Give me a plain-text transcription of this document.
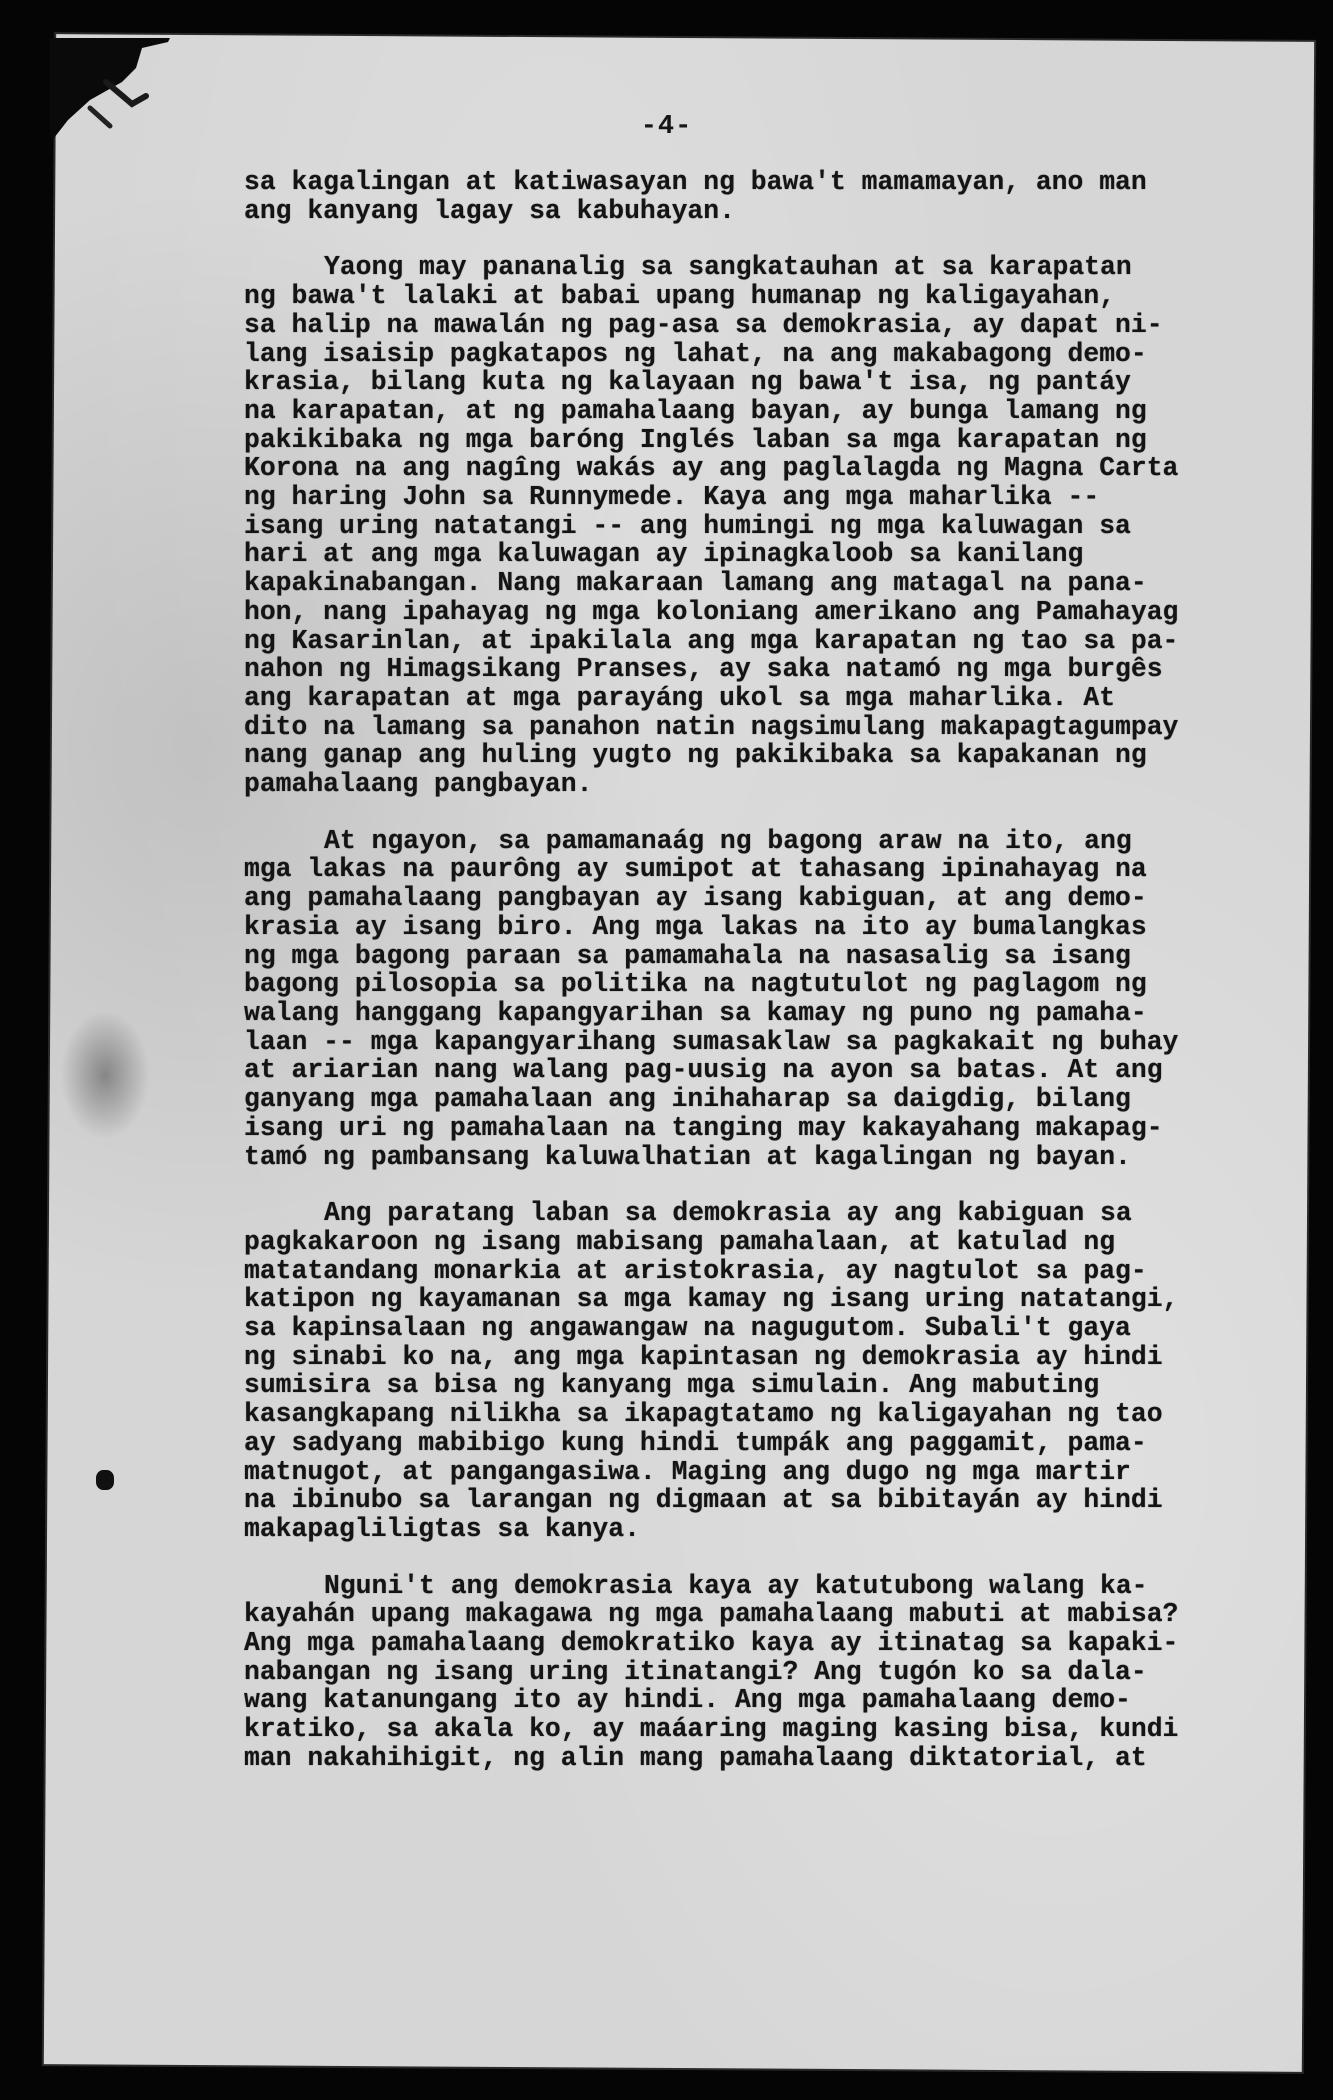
-4-
sa kagalingan at katiwasayan ng bawa't mamamayan, ano man
ang kanyang lagay sa kabuhayan.
Yaong may pananalig sa sangkatauhan at sa karapatan
ng bawa't lalaki at babai upang humanap ng kaligayahan,
sa halip na mawalán ng pag-asa sa demokrasia, ay dapat ni-
lang isaisip pagkatapos ng lahat, na ang makabagong demo-
krasia, bilang kuta ng kalayaan ng bawa't isa, ng pantáy
na karapatan, at ng pamahalaang bayan, ay bunga lamang ng
pakikibaka ng mga baróng Inglés laban sa mga karapatan ng
Korona na ang nagîng wakás ay ang paglalagda ng Magna Carta
ng haring John sa Runnymede. Kaya ang mga maharlika --
isang uring natatangi -- ang humingi ng mga kaluwagan sa
hari at ang mga kaluwagan ay ipinagkaloob sa kanilang
kapakinabangan. Nang makaraan lamang ang matagal na pana-
hon, nang ipahayag ng mga koloniang amerikano ang Pamahayag
ng Kasarinlan, at ipakilala ang mga karapatan ng tao sa pa-
nahon ng Himagsikang Pranses, ay saka natamó ng mga burgês
ang karapatan at mga parayáng ukol sa mga maharlika. At
dito na lamang sa panahon natin nagsimulang makapagtagumpay
nang ganap ang huling yugto ng pakikibaka sa kapakanan ng
pamahalaang pangbayan.
At ngayon, sa pamamanaág ng bagong araw na ito, ang
mga lakas na paurông ay sumipot at tahasang ipinahayag na
ang pamahalaang pangbayan ay isang kabiguan, at ang demo-
krasia ay isang biro. Ang mga lakas na ito ay bumalangkas
ng mga bagong paraan sa pamamahala na nasasalig sa isang
bagong pilosopia sa politika na nagtutulot ng paglagom ng
walang hanggang kapangyarihan sa kamay ng puno ng pamaha-
laan -- mga kapangyarihang sumasaklaw sa pagkakait ng buhay
at ariarian nang walang pag-uusig na ayon sa batas. At ang
ganyang mga pamahalaan ang inihaharap sa daigdig, bilang
isang uri ng pamahalaan na tanging may kakayahang makapag-
tamó ng pambansang kaluwalhatian at kagalingan ng bayan.
Ang paratang laban sa demokrasia ay ang kabiguan sa
pagkakaroon ng isang mabisang pamahalaan, at katulad ng
matatandang monarkia at aristokrasia, ay nagtulot sa pag-
katipon ng kayamanan sa mga kamay ng isang uring natatangi,
sa kapinsalaan ng angawangaw na nagugutom. Subali't gaya
ng sinabi ko na, ang mga kapintasan ng demokrasia ay hindi
sumisira sa bisa ng kanyang mga simulain. Ang mabuting
kasangkapang nilikha sa ikapagtatamo ng kaligayahan ng tao
ay sadyang mabibigo kung hindi tumpák ang paggamit, pama-
matnugot, at pangangasiwa. Maging ang dugo ng mga martir
na ibinubo sa larangan ng digmaan at sa bibitayán ay hindi
makapagliligtas sa kanya.
Nguni't ang demokrasia kaya ay katutubong walang ka-
kayahán upang makagawa ng mga pamahalaang mabuti at mabisa?
Ang mga pamahalaang demokratiko kaya ay itinatag sa kapaki-
nabangan ng isang uring itinatangi? Ang tugón ko sa dala-
wang katanungang ito ay hindi. Ang mga pamahalaang demo-
kratiko, sa akala ko, ay maáaring maging kasing bisa, kundi
man nakahihigit, ng alin mang pamahalaang diktatorial, at
